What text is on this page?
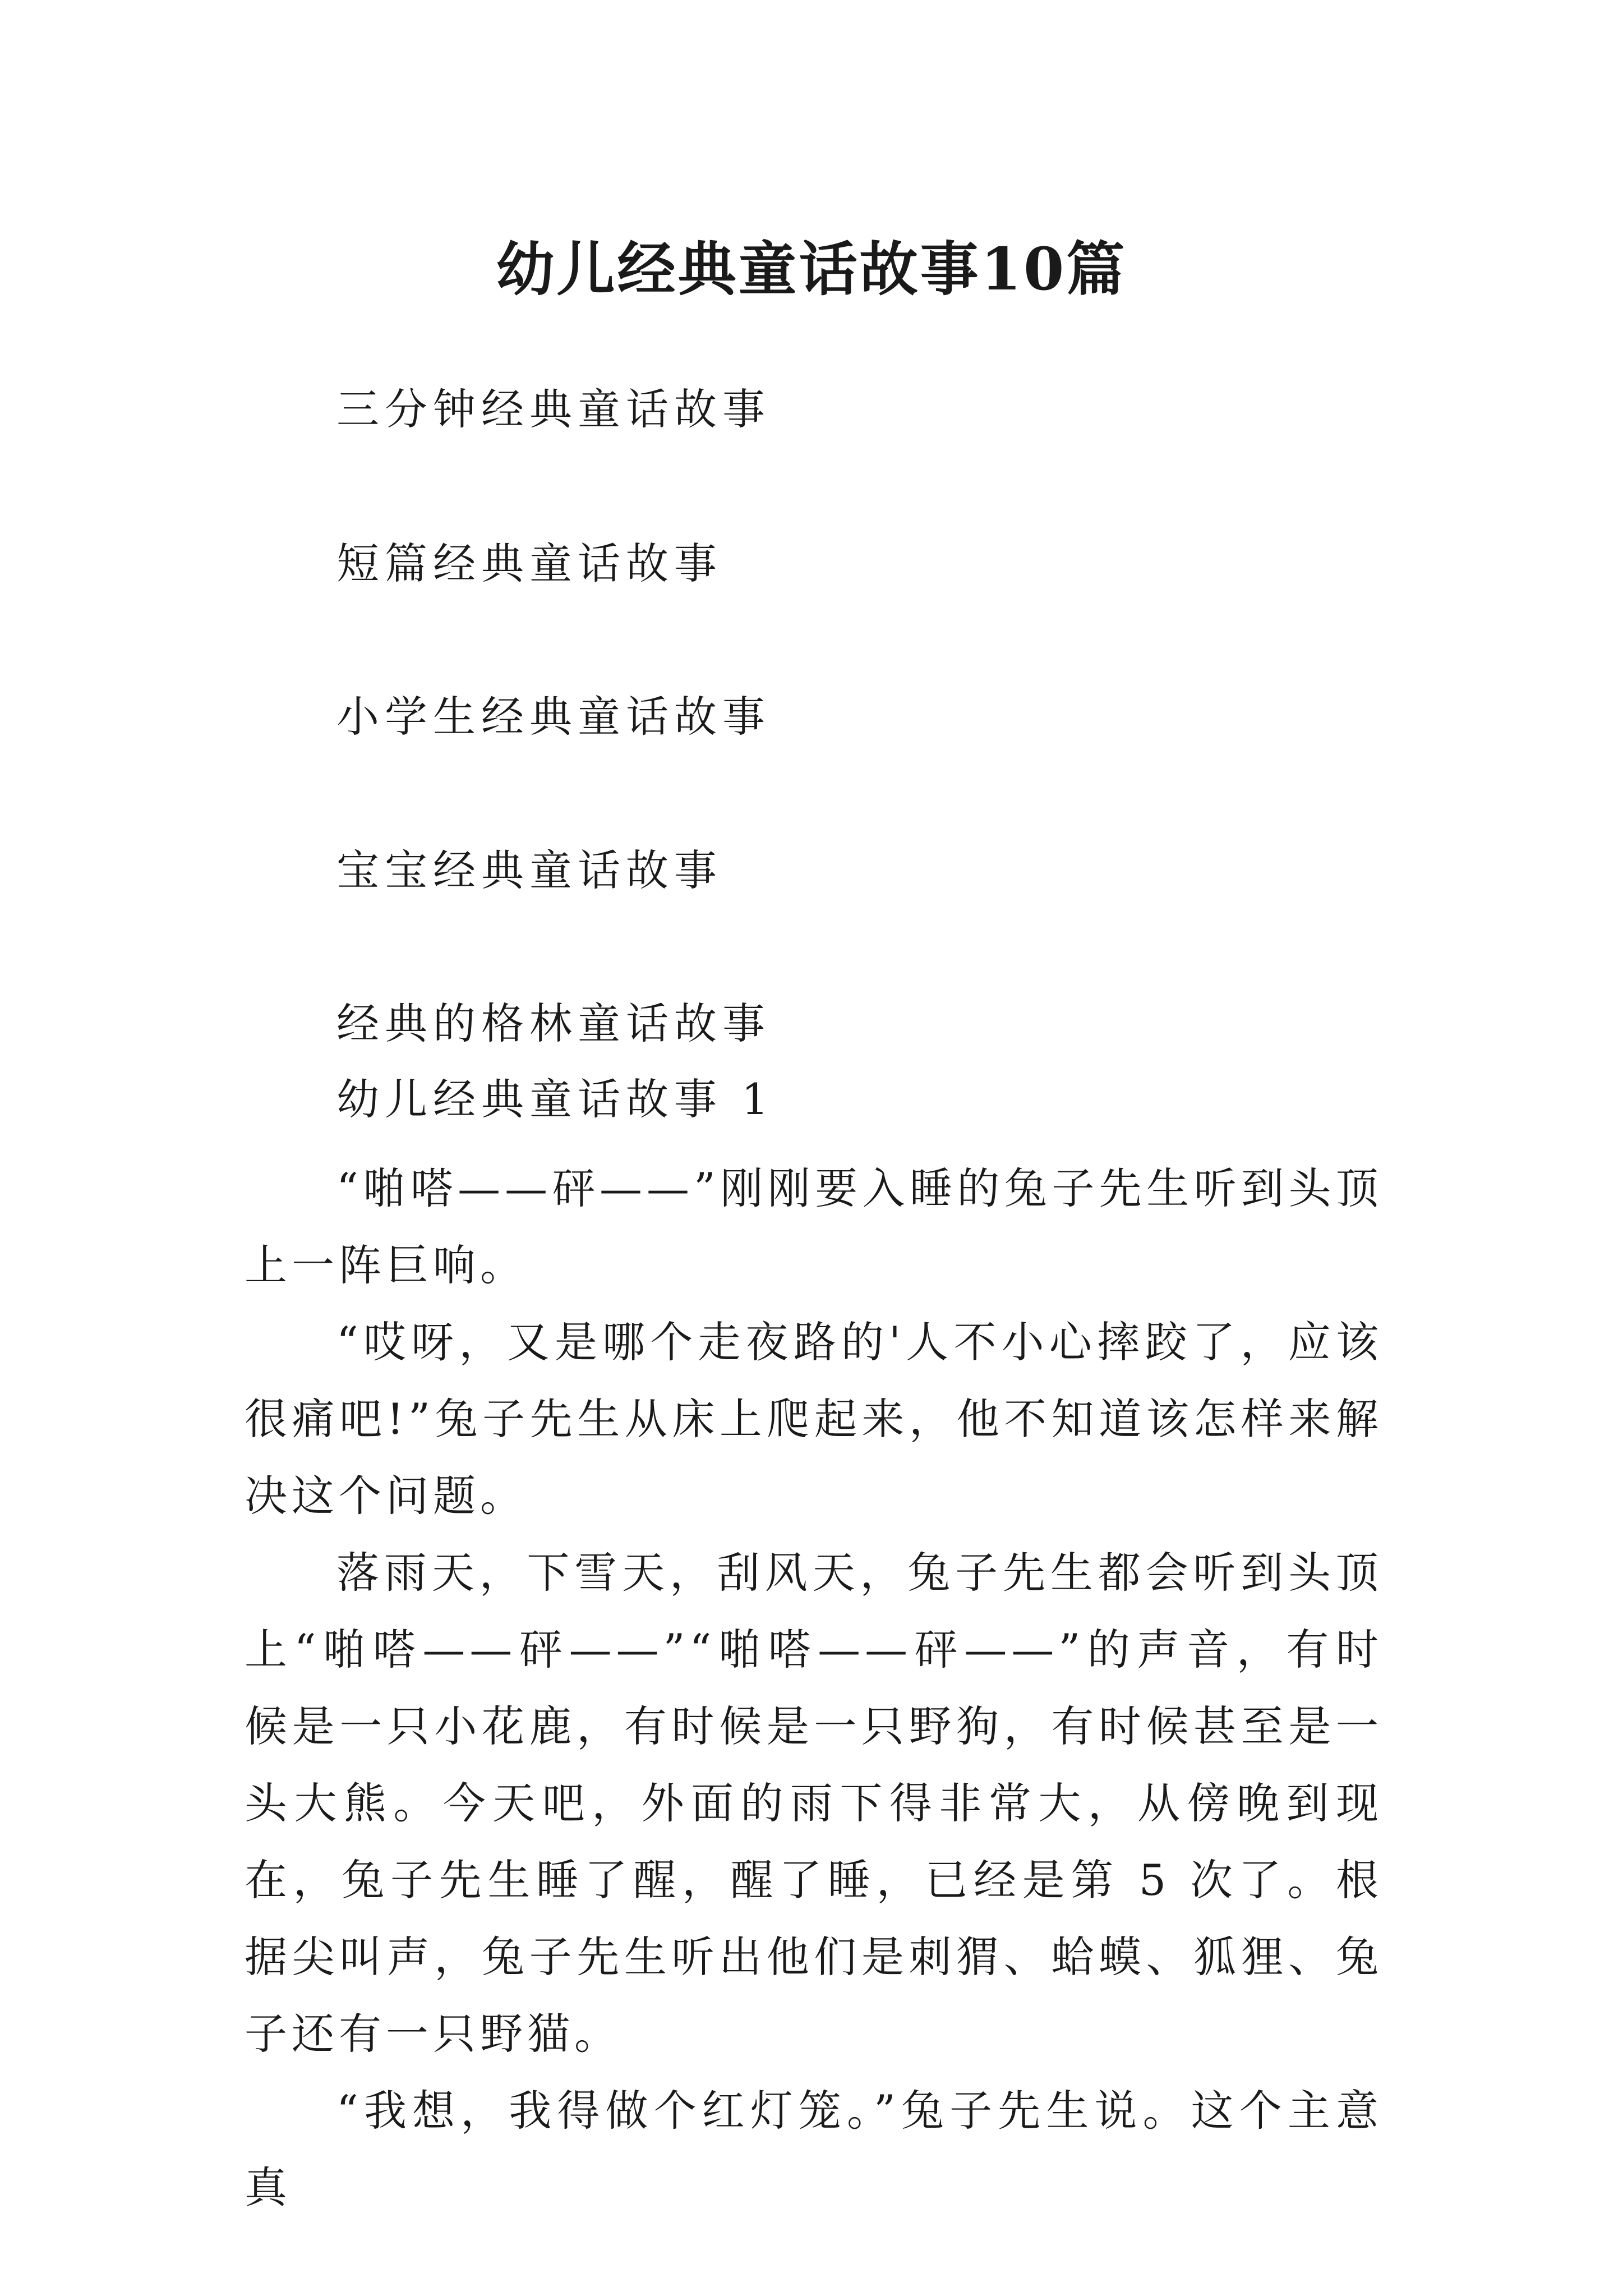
幼儿经典童话故事10篇
三分钟经典童话故事
短篇经典童话故事
小学生经典童话故事
宝宝经典童话故事
经典的格林童话故事
幼儿经典童话故事 1

“啪嗒——砰——”刚刚要入睡的兔子先生听到头顶上一阵巨响。

“哎呀，又是哪个走夜路的'人不小心摔跤了，应该很痛吧!”兔子先生从床上爬起来，他不知道该怎样来解决这个问题。

落雨天，下雪天，刮风天，兔子先生都会听到头顶上“啪嗒——砰——”“啪嗒——砰——”的声音，有时候是一只小花鹿，有时候是一只野狗，有时候甚至是一头大熊。今天吧，外面的雨下得非常大，从傍晚到现在，兔子先生睡了醒，醒了睡，已经是第 5 次了。根据尖叫声，兔子先生听出他们是刺猬、蛤蟆、狐狸、兔子还有一只野猫。

“我想，我得做个红灯笼。”兔子先生说。这个主意真
